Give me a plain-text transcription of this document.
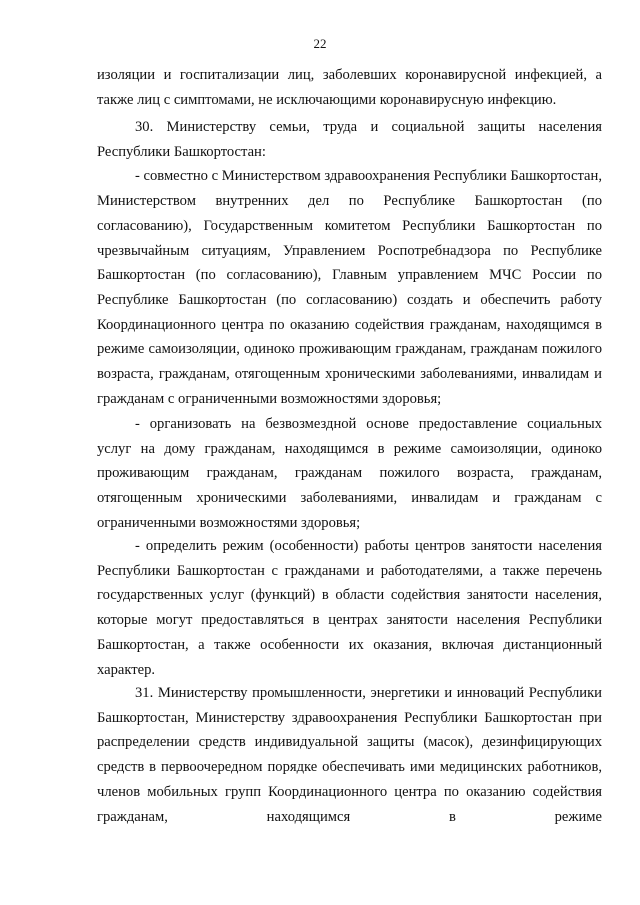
22

изоляции и госпитализации лиц, заболевших коронавирусной инфекцией, а также лиц с симптомами, не исключающими коронавирусную инфекцию.

30. Министерству семьи, труда и социальной защиты населения Республики Башкортостан:

- совместно с Министерством здравоохранения Республики Башкортостан, Министерством внутренних дел по Республике Башкортостан (по согласованию), Государственным комитетом Республики Башкортостан по чрезвычайным ситуациям, Управлением Роспотребнадзора по Республике Башкортостан (по согласованию), Главным управлением МЧС России по Республике Башкортостан (по согласованию) создать и обеспечить работу Координационного центра по оказанию содействия гражданам, находящимся в режиме самоизоляции, одиноко проживающим гражданам, гражданам пожилого возраста, гражданам, отягощенным хроническими заболеваниями, инвалидам и гражданам с ограниченными возможностями здоровья;

- организовать на безвозмездной основе предоставление социальных услуг на дому гражданам, находящимся в режиме самоизоляции, одиноко проживающим гражданам, гражданам пожилого возраста, гражданам, отягощенным хроническими заболеваниями, инвалидам и гражданам с ограниченными возможностями здоровья;

- определить режим (особенности) работы центров занятости населения Республики Башкортостан с гражданами и работодателями, а также перечень государственных услуг (функций) в области содействия занятости населения, которые могут предоставляться в центрах занятости населения Республики Башкортостан, а также особенности их оказания, включая дистанционный характер.

31. Министерству промышленности, энергетики и инноваций Республики Башкортостан, Министерству здравоохранения Республики Башкортостан при распределении средств индивидуальной защиты (масок), дезинфицирующих средств в первоочередном порядке обеспечивать ими медицинских работников, членов мобильных групп Координационного центра по оказанию содействия гражданам, находящимся в режиме
